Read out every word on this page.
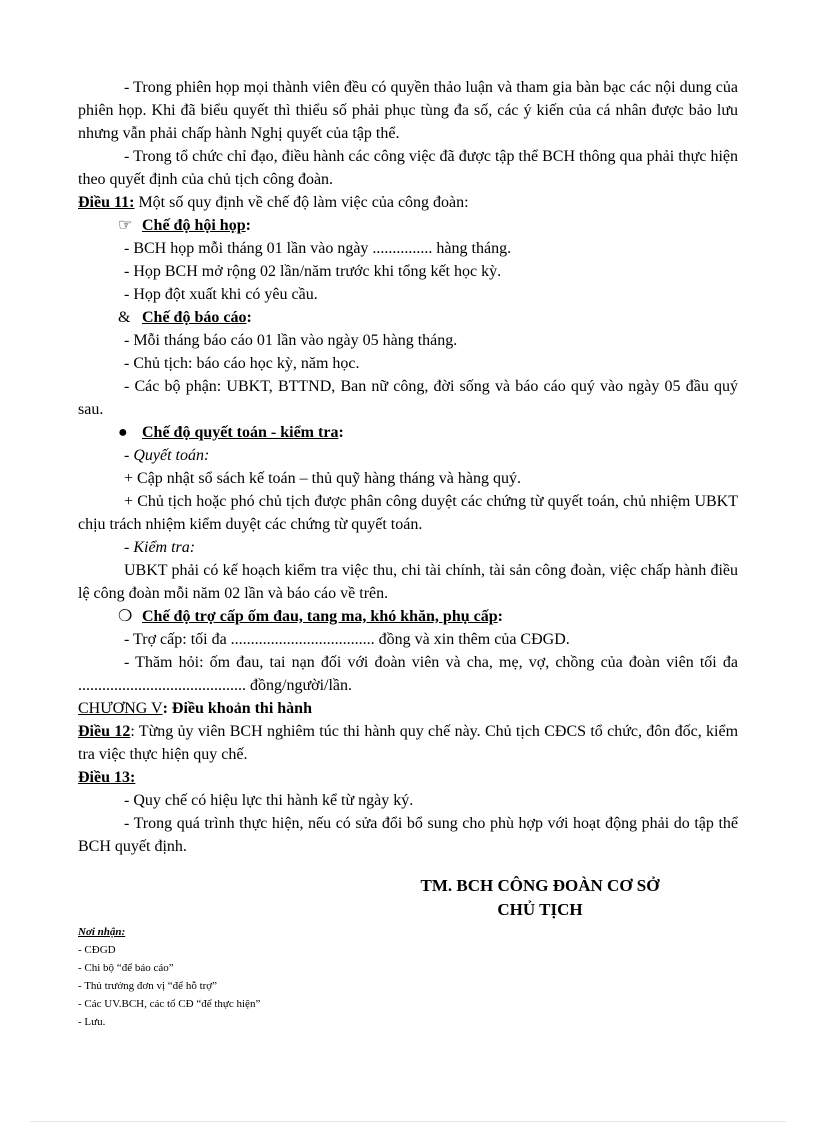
- Trong phiên họp mọi thành viên đều có quyền thảo luận và tham gia bàn bạc các nội dung của phiên họp. Khi đã biểu quyết thì thiểu số phải phục tùng đa số, các ý kiến của cá nhân được bảo lưu nhưng vẫn phải chấp hành Nghị quyết của tập thể.

- Trong tổ chức chỉ đạo, điều hành các công việc đã được tập thể BCH thông qua phải thực hiện theo quyết định của chủ tịch công đoàn.

Điều 11: Một số quy định về chế độ làm việc của công đoàn:

☞ Chế độ hội họp:

- BCH họp mỗi tháng 01 lần vào ngày ............... hàng tháng.

- Họp BCH mở rộng 02 lần/năm trước khi tổng kết học kỳ.

- Họp đột xuất khi có yêu cầu.

& Chế độ báo cáo:

- Mỗi tháng báo cáo 01 lần vào ngày 05 hàng tháng.

- Chủ tịch: báo cáo học kỳ, năm học.

- Các bộ phận: UBKT, BTTND, Ban nữ công, đời sống và báo cáo quý vào ngày 05 đầu quý sau.

● Chế độ quyết toán - kiểm tra:

- Quyết toán:

+ Cập nhật sổ sách kế toán – thủ quỹ hàng tháng và hàng quý.

+ Chủ tịch hoặc phó chủ tịch được phân công duyệt các chứng từ quyết toán, chủ nhiệm UBKT chịu trách nhiệm kiểm duyệt các chứng từ quyết toán.

- Kiểm tra:

UBKT phải có kế hoạch kiểm tra việc thu, chi tài chính, tài sản công đoàn, việc chấp hành điều lệ công đoàn mỗi năm 02 lần và báo cáo về trên.

❍ Chế độ trợ cấp ốm đau, tang ma, khó khăn, phụ cấp:

- Trợ cấp: tối đa .................................... đồng và xin thêm của CĐGD.

- Thăm hỏi: ốm đau, tai nạn đối với đoàn viên và cha, mẹ, vợ, chồng của đoàn viên tối đa .......................................... đồng/người/lần.

CHƯƠNG V: Điều khoản thi hành

Điều 12: Từng ủy viên BCH nghiêm túc thi hành quy chế này. Chủ tịch CĐCS tổ chức, đôn đốc, kiểm tra việc thực hiện quy chế.

Điều 13:

- Quy chế có hiệu lực thi hành kể từ ngày ký.

- Trong quá trình thực hiện, nếu có sửa đổi bổ sung cho phù hợp với hoạt động phải do tập thể BCH quyết định.

TM. BCH CÔNG ĐOÀN CƠ SỞ
CHỦ TỊCH
Nơi nhận:
- CĐGD
- Chi bộ “để báo cáo”
- Thủ trưởng đơn vị “để hỗ trợ”
- Các UV.BCH, các tổ CĐ “để thực hiện”
- Lưu.
